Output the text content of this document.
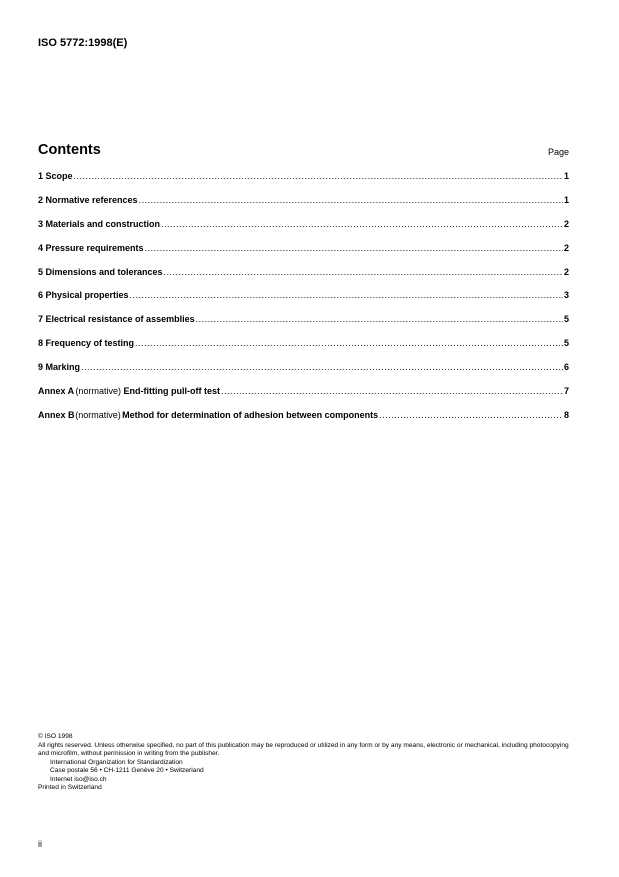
ISO 5772:1998(E)
Contents	Page
1 Scope .....	1
2 Normative references .....	1
3 Materials and construction .....	2
4 Pressure requirements .....	2
5 Dimensions and tolerances .....	2
6 Physical properties .....	3
7 Electrical resistance of assemblies .....	5
8 Frequency of testing .....	5
9 Marking .....	6
Annex A (normative) End-fitting pull-off test .....	7
Annex B (normative) Method for determination of adhesion between components .....	8
© ISO 1998
All rights reserved. Unless otherwise specified, no part of this publication may be reproduced or utilized in any form or by any means, electronic or mechanical, including photocopying and microfilm, without permission in writing from the publisher.
International Organization for Standardization
Case postale 56 • CH-1211 Genève 20 • Switzerland
Internet iso@iso.ch
Printed in Switzerland
ii
